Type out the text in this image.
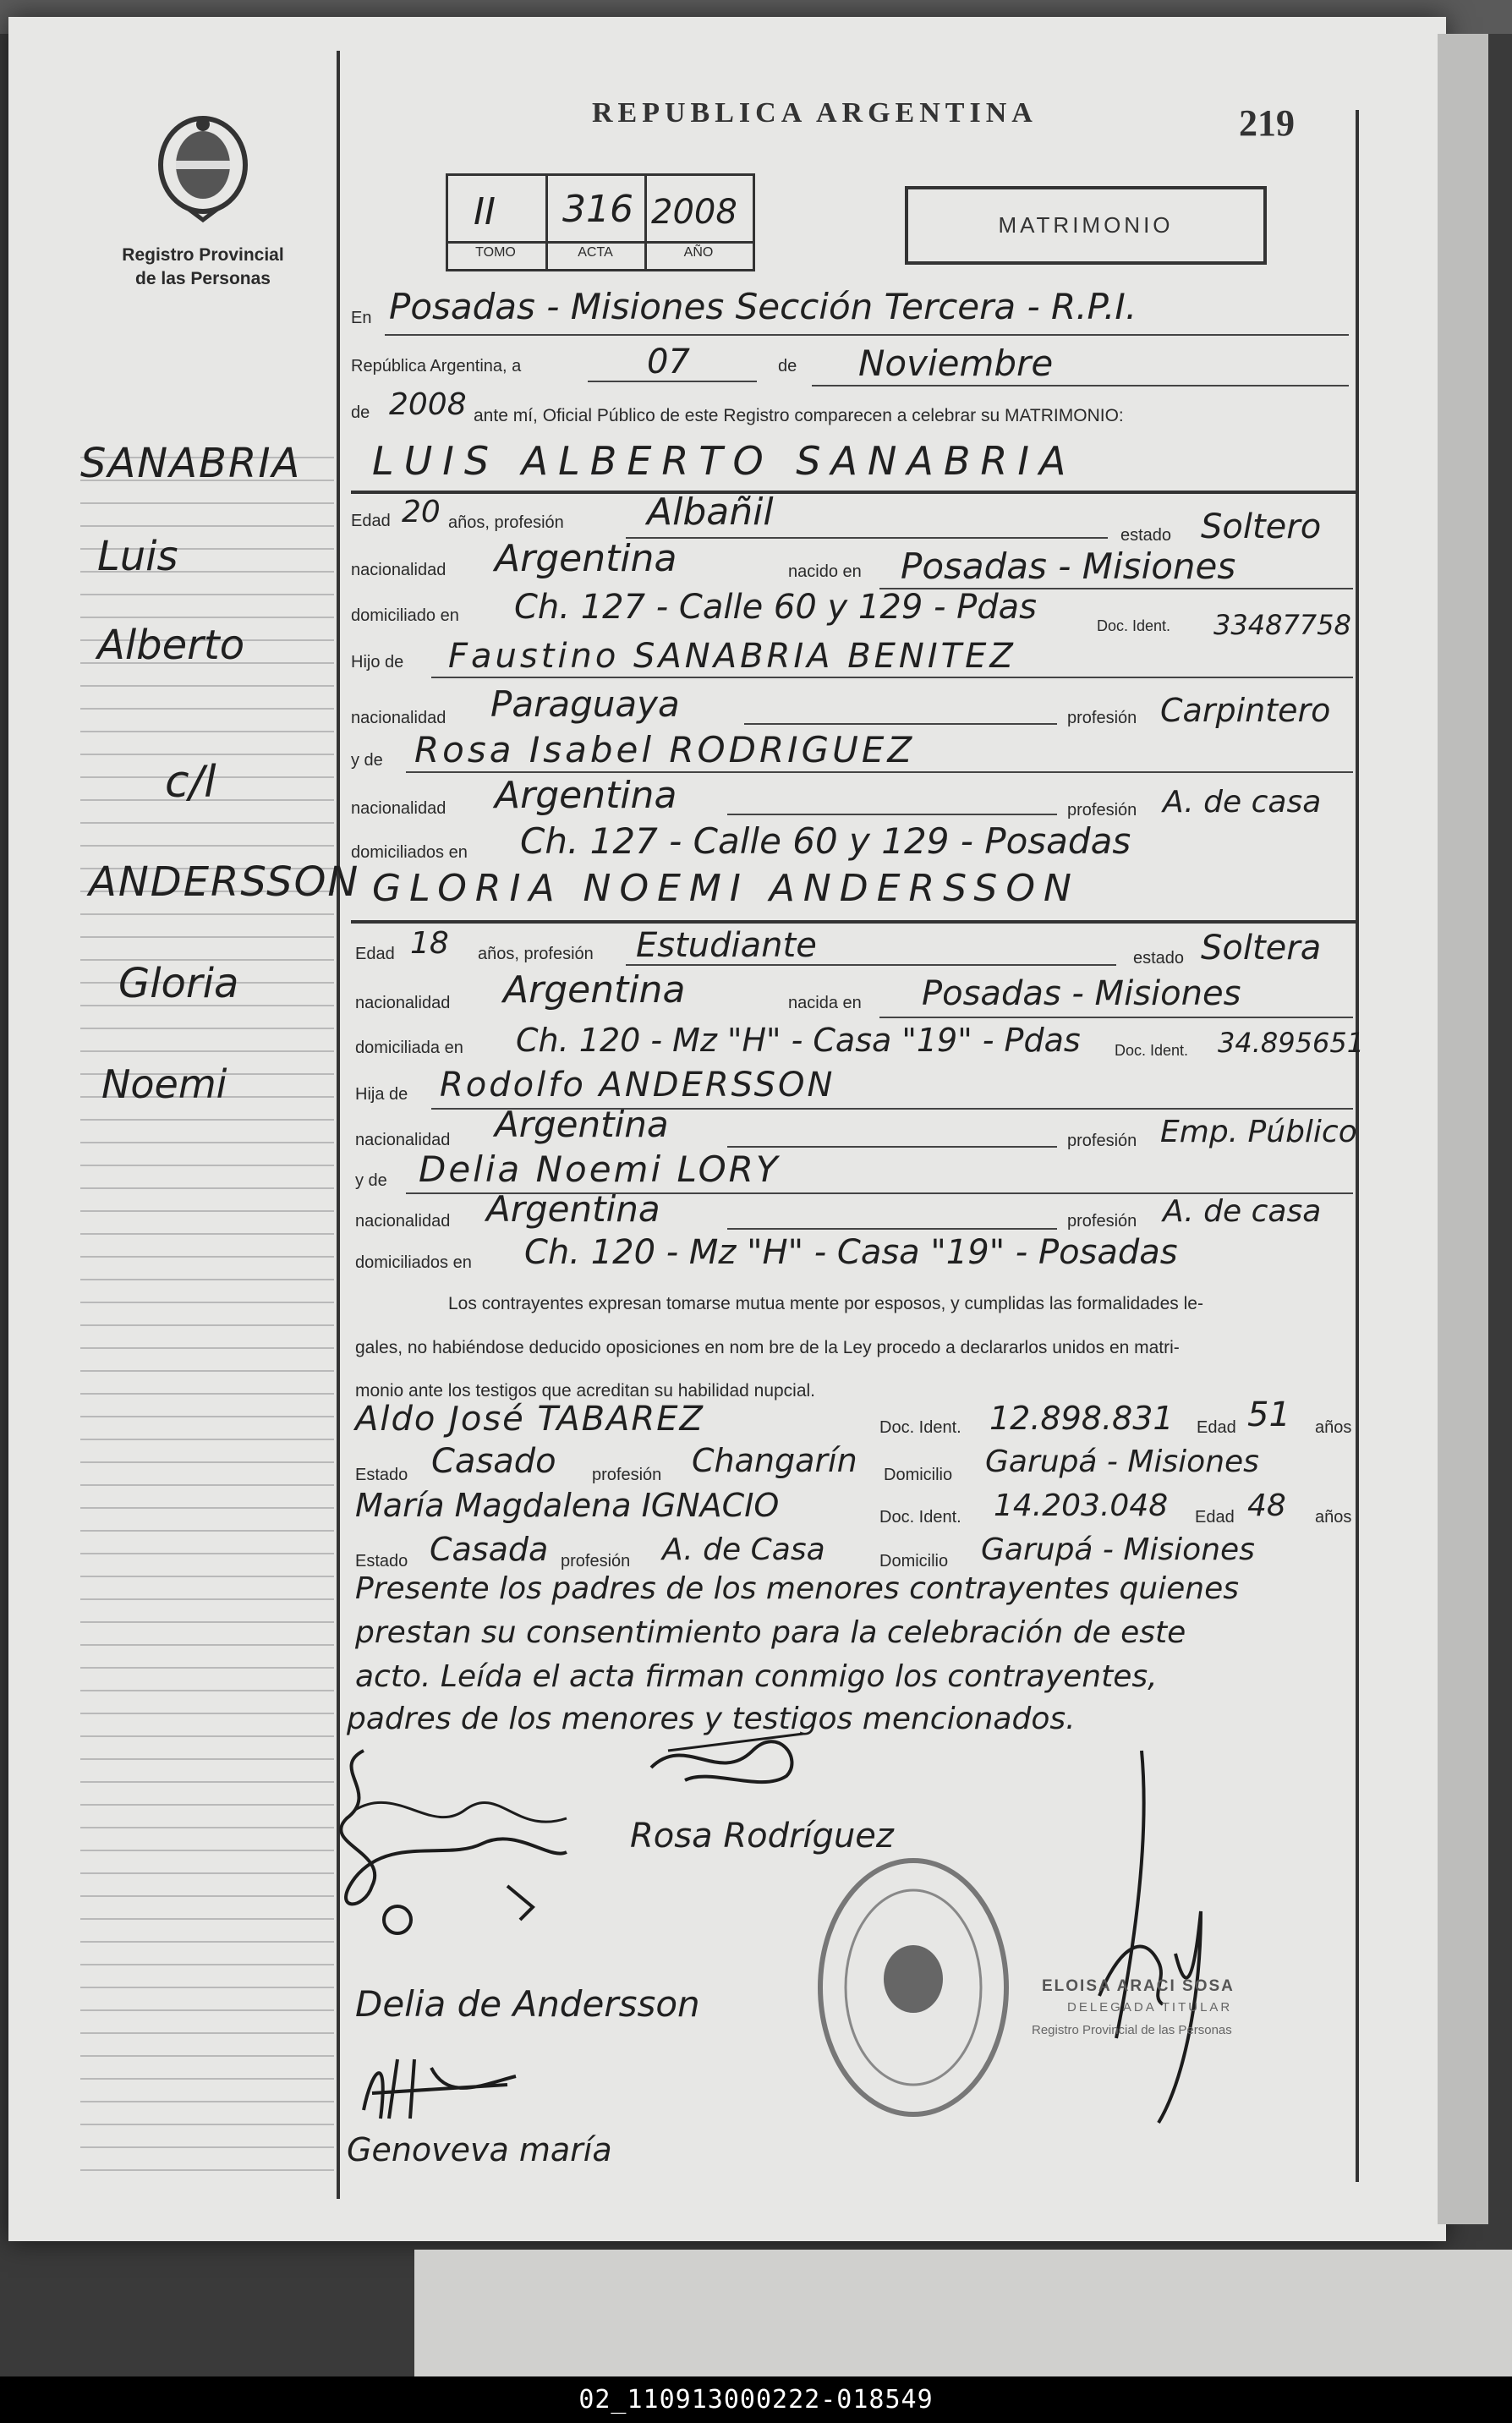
Registro Provincial
de las Personas
REPUBLICA ARGENTINA	219
II 316 2008
TOMO	ACTA	AÑO
MATRIMONIO
SANABRIA
Luis
Alberto
c/l
ANDERSSON
Gloria
Noemi
En Posadas - Misiones Sección Tercera - R.P.I.
República Argentina, a	07	de Noviembre
de 2008 ante mí, Oficial Público de este Registro comparecen a celebrar su MATRIMONIO:
LUIS ALBERTO SANABRIA
Edad 20 años, profesión Albañil
estado Soltero
nacionalidad Argentina	nacido en Posadas - Misiones
domiciliado en Ch. 127 - Calle 60 y 129 - Pdas	Doc. Ident. 33487758
Hijo de Faustino SANABRIA BENITEZ
nacionalidad Paraguaya	profesión Carpintero
y de Rosa Isabel RODRIGUEZ
nacionalidad Argentina	profesión A. de casa
domiciliados en Ch. 127 - Calle 60 y 129 - Posadas
GLORIA NOEMI ANDERSSON
Edad 18 años, profesión Estudiante	estado Soltera
nacionalidad Argentina	nacida en Posadas - Misiones
domiciliada en Ch. 120 - Mz "H" - Casa "19" - Pdas Doc. Ident. 34.895651
Hija de Rodolfo ANDERSSON
nacionalidad Argentina	profesión Emp. Público
y de Delia Noemi LORY
nacionalidad Argentina	profesión A. de casa
domiciliados en Ch. 120 - Mz "H" - Casa "19" - Posadas
Los contrayentes expresan tomarse mutua mente por esposos, y cumplidas las formalidades le-
gales, no habiéndose deducido oposiciones en nom bre de la Ley procedo a declararlos unidos en matri-
monio ante los testigos que acreditan su habilidad nupcial.
Aldo José TABAREZ	Doc. Ident. 12.898.831 Edad 51 años
Estado Casado profesión Changarín Domicilio Garupá - Misiones
María Magdalena IGNACIO	Doc. Ident. 14.203.048 Edad 48 años
Estado Casada profesión A. de Casa	Domicilio Garupá - Misiones
Presente los padres de los menores contrayentes quienes
prestan su consentimiento para la celebración de este
acto. Leída el acta firman conmigo los contrayentes,
padres de los menores y testigos mencionados.
Rosa Rodríguez
Delia de Andersson
Genoveva maría
ELOISA ARACI SOSA
DELEGADA TITULAR
Registro Provincial de las Personas
02_110913000222-018549
